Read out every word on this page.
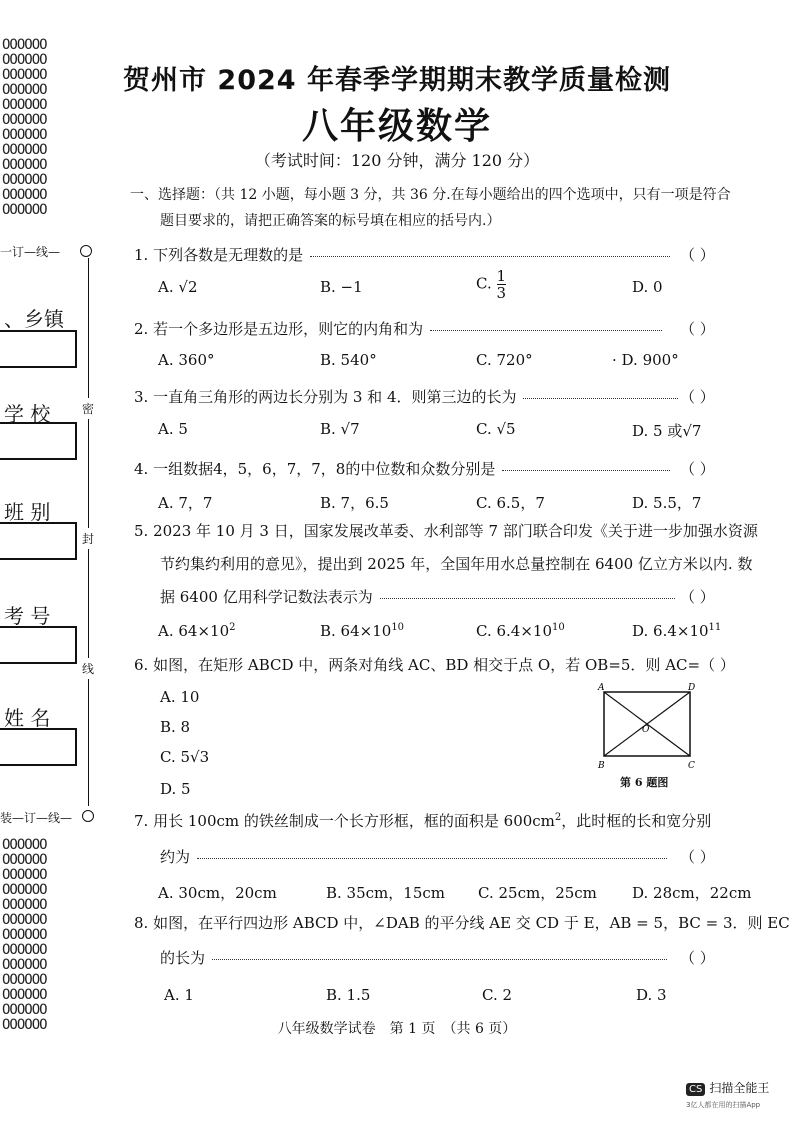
OOOOOO
OOOOOO
OOOOOO
OOOOOO
OOOOOO
OOOOOO
OOOOOO
OOOOOO
OOOOOO
OOOOOO
OOOOOO
OOOOOO
一订—线—
密
封
线
、乡镇
学 校
班 别
考 号
姓 名
装—订—线—
OOOOOO
OOOOOO
OOOOOO
OOOOOO
OOOOOO
OOOOOO
OOOOOO
OOOOOO
OOOOOO
OOOOOO
OOOOOO
OOOOOO
OOOOOO
贺州市 2024 年春季学期期末教学质量检测
八年级数学
（考试时间：120 分钟，满分 120 分）
一、选择题：（共 12 小题，每小题 3 分，共 36 分.在每小题给出的四个选项中，只有一项是符合
题目要求的，请把正确答案的标号填在相应的括号内.）
1. 下列各数是无理数的是	（ ）
A. √2	B. −1	C. $\frac{1}{3}$	D. 0
2. 若一个多边形是五边形，则它的内角和为	（ ）
A. 360°	B. 540°	C. 720°	· D. 900°
3. 一直角三角形的两边长分别为 3 和 4．则第三边的长为	（ ）
A. 5	B. √7	C. √5	D. 5 或√7
4. 一组数据4，5，6，7，7，8的中位数和众数分别是	（ ）
A. 7，7	B. 7，6.5	C. 6.5，7	D. 5.5，7
5. 2023 年 10 月 3 日，国家发展改革委、水利部等 7 部门联合印发《关于进一步加强水资源
节约集约利用的意见》，提出到 2025 年，全国年用水总量控制在 6400 亿立方米以内. 数
据 6400 亿用科学记数法表示为	（ ）
A. $64\times 10^2$	B. $64\times 10^{10}$	C. $6.4\times 10^{10}$	D. $6.4\times 10^{11}$
6. 如图，在矩形 ABCD 中，两条对角线 AC、BD 相交于点 O，若 OB=5．则 AC=（ ）
A. 10
B. 8
C. 5√3
D. 5
A	D
B	C
O
第 6 题图
7. 用长 100cm 的铁丝制成一个长方形框，框的面积是 $600cm^2$，此时框的长和宽分别
约为	（ ）
A. 30cm，20cm	B. 35cm，15cm C. 25cm，25cm D. 28cm，22cm
8. 如图，在平行四边形 ABCD 中，∠DAB 的平分线 AE 交 CD 于 E，AB = 5，BC = 3．则 EC
的长为	（ ）
A. 1	B. 1.5	C. 2	D. 3
八年级数学试卷　第 1 页　（共 6 页）
CS 扫描全能王
3亿人都在用的扫描App
